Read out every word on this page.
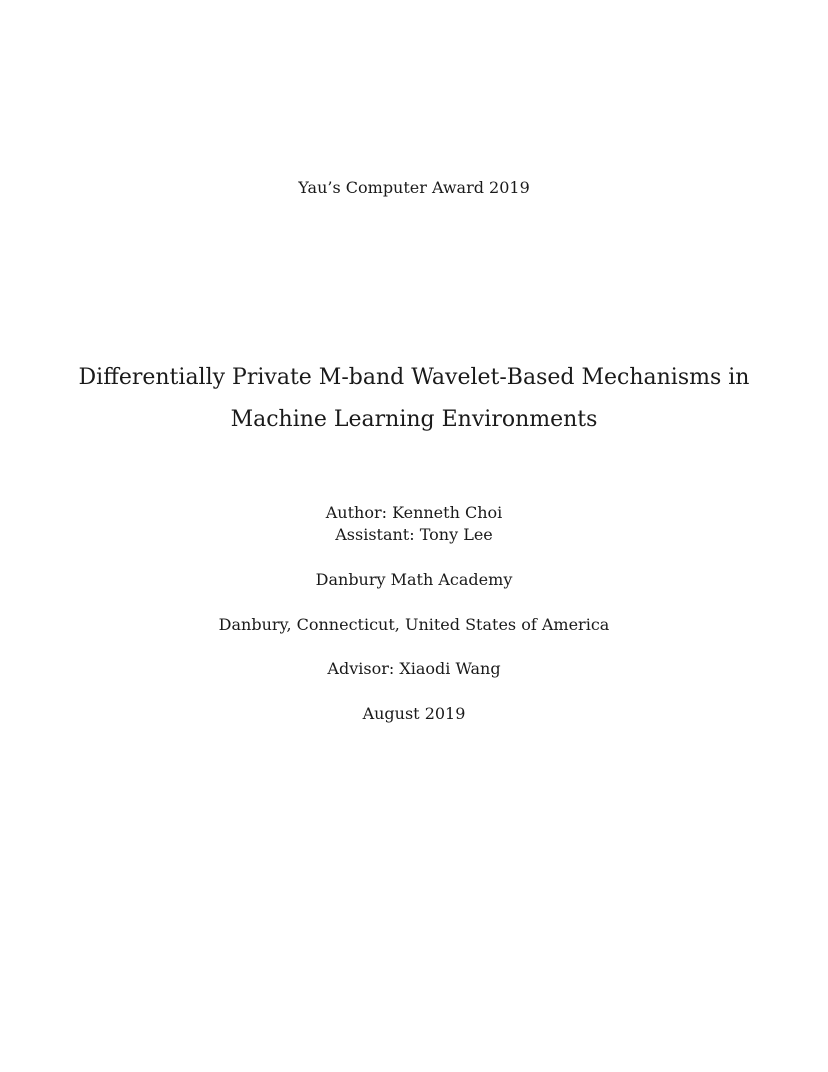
Yau’s Computer Award 2019
Differentially Private M-band Wavelet-Based Mechanisms in
Machine Learning Environments
Author: Kenneth Choi
Assistant: Tony Lee
Danbury Math Academy
Danbury, Connecticut, United States of America
Advisor: Xiaodi Wang
August 2019
